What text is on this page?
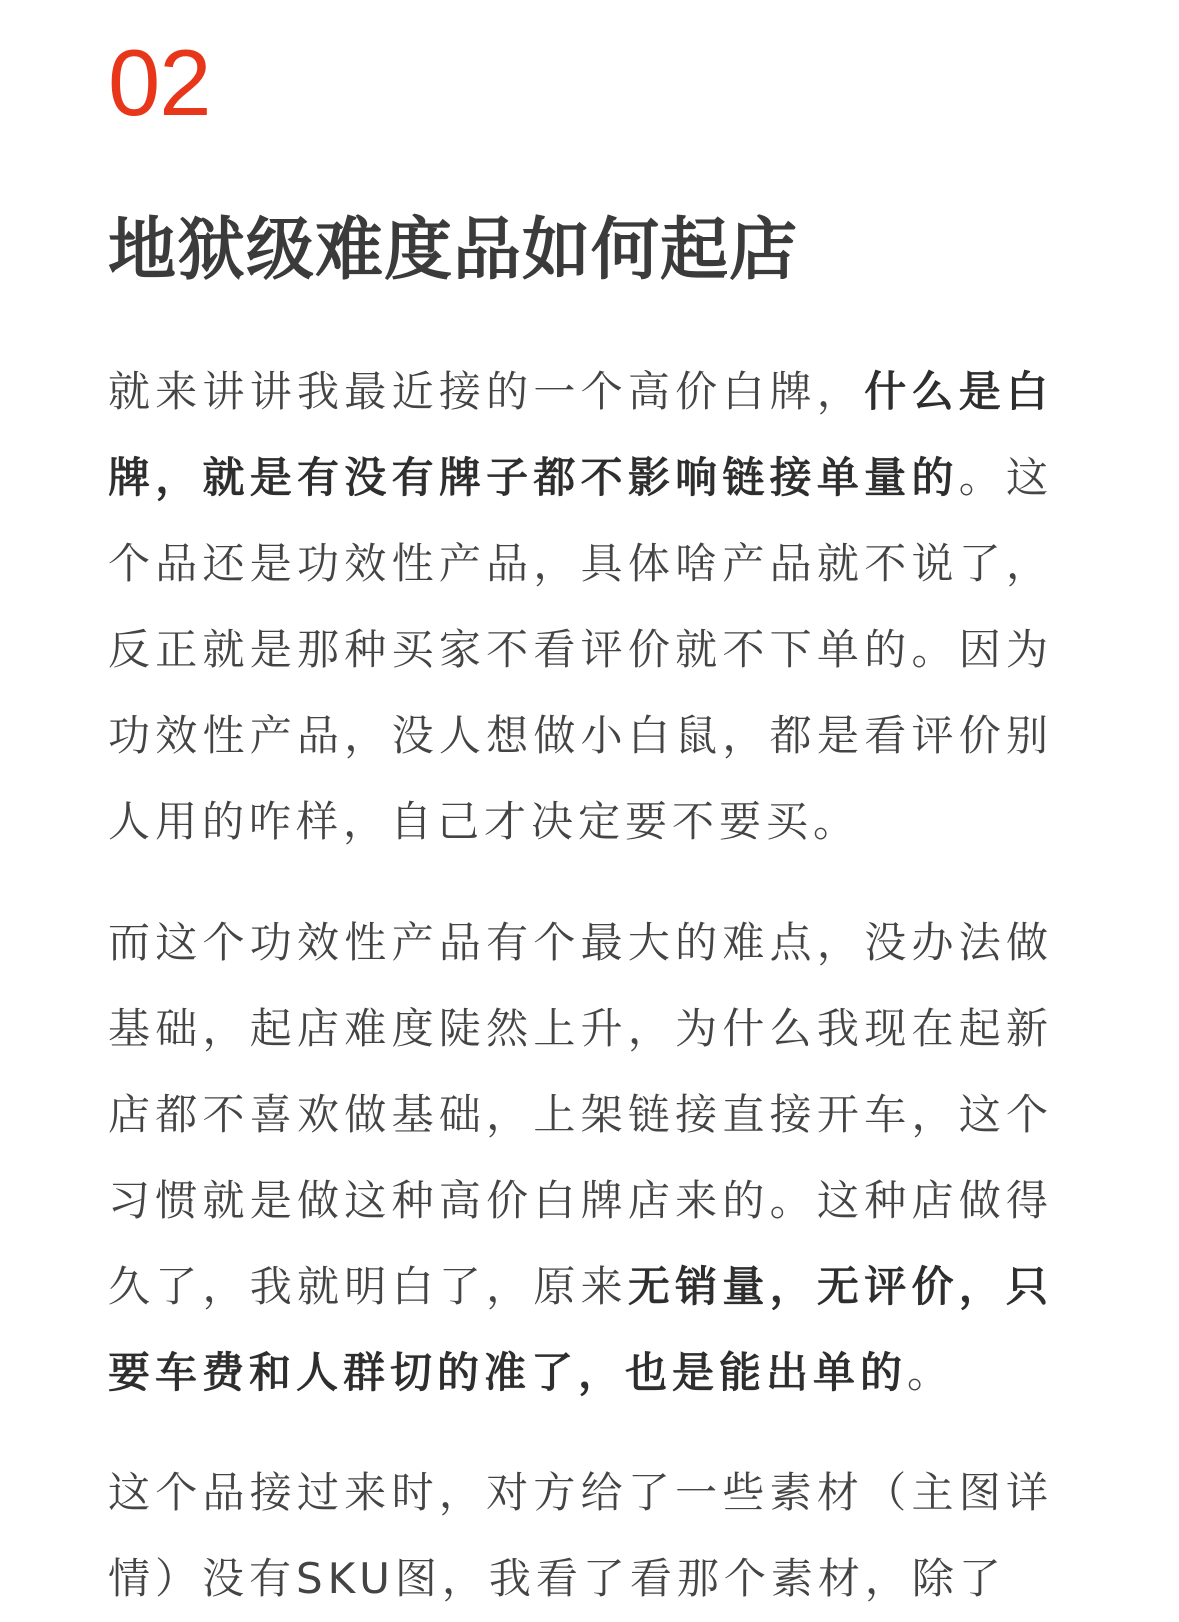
02
地狱级难度品如何起店

就来讲讲我最近接的一个高价白牌，什么是白牌，就是有没有牌子都不影响链接单量的。这个品还是功效性产品，具体啥产品就不说了，反正就是那种买家不看评价就不下单的。因为功效性产品，没人想做小白鼠，都是看评价别人用的咋样，自己才决定要不要买。

而这个功效性产品有个最大的难点，没办法做基础，起店难度陡然上升，为什么我现在起新店都不喜欢做基础，上架链接直接开车，这个习惯就是做这种高价白牌店来的。这种店做得久了，我就明白了，原来无销量，无评价，只要车费和人群切的准了，也是能出单的。

这个品接过来时，对方给了一些素材（主图详情）没有SKU图，我看了看那个素材，除了
